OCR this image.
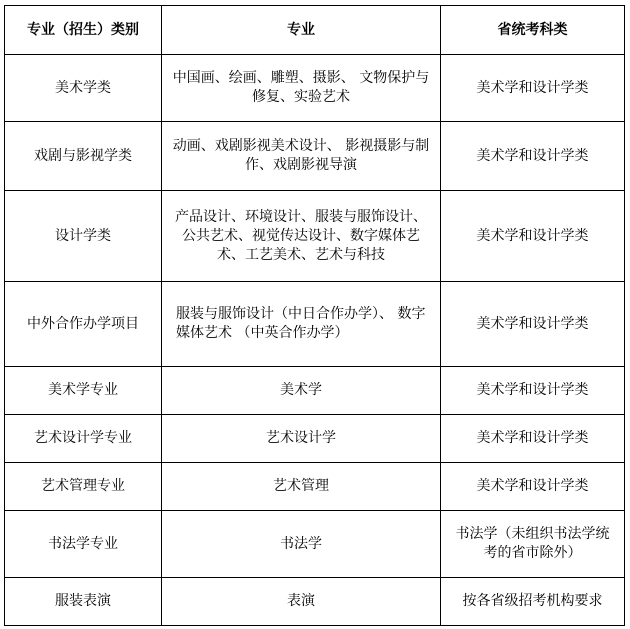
专业（招生）类别	专业	省统考科类
美术学类	中国画、绘画、雕塑、摄影、 文物保护与修复、实验艺术	美术学和设计学类
戏剧与影视学类	动画、戏剧影视美术设计、 影视摄影与制作、戏剧影视导演	美术学和设计学类
设计学类	产品设计、环境设计、服装与服饰设计、公共艺术、视觉传达设计、数字媒体艺术、工艺美术、艺术与科技	美术学和设计学类
中外合作办学项目	服装与服饰设计（中日合作办学）、 数字媒体艺术 （中英合作办学）	美术学和设计学类
美术学专业	美术学	美术学和设计学类
艺术设计学专业	艺术设计学	美术学和设计学类
艺术管理专业	艺术管理	美术学和设计学类
书法学专业	书法学	书法学（未组织书法学统考的省市除外）
服装表演	表演	按各省级招考机构要求
